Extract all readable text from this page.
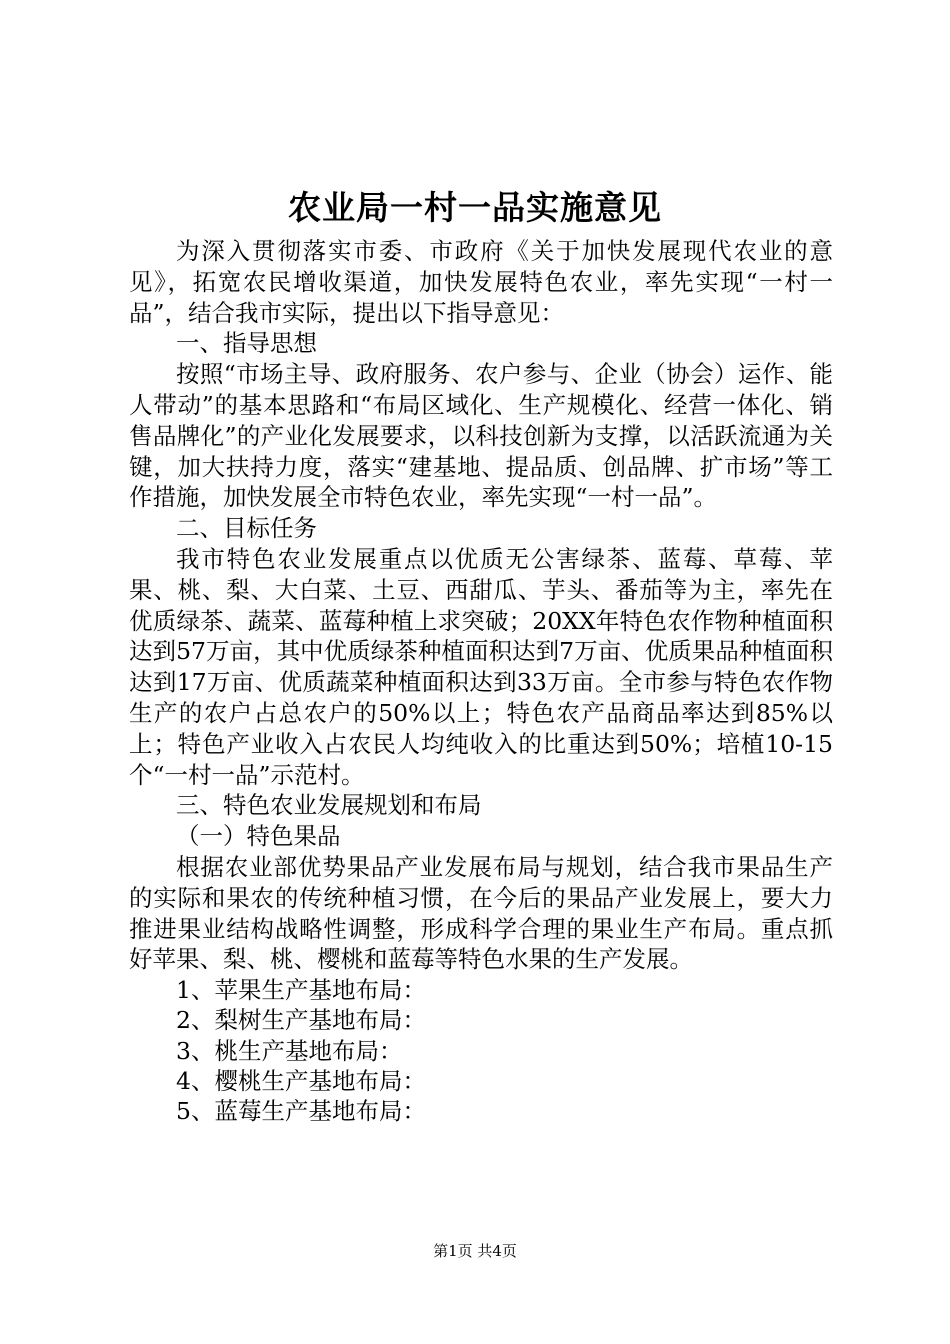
农业局一村一品实施意见

为深入贯彻落实市委、市政府《关于加快发展现代农业的意见》，拓宽农民增收渠道，加快发展特色农业，率先实现“一村一品”，结合我市实际，提出以下指导意见：

一、指导思想

按照“市场主导、政府服务、农户参与、企业（协会）运作、能人带动”的基本思路和“布局区域化、生产规模化、经营一体化、销售品牌化”的产业化发展要求，以科技创新为支撑，以活跃流通为关键，加大扶持力度，落实“建基地、提品质、创品牌、扩市场”等工作措施，加快发展全市特色农业，率先实现“一村一品”。

二、目标任务

我市特色农业发展重点以优质无公害绿茶、蓝莓、草莓、苹果、桃、梨、大白菜、土豆、西甜瓜、芋头、番茄等为主，率先在优质绿茶、蔬菜、蓝莓种植上求突破；20XX年特色农作物种植面积达到57万亩，其中优质绿茶种植面积达到7万亩、优质果品种植面积达到17万亩、优质蔬菜种植面积达到33万亩。全市参与特色农作物生产的农户占总农户的50%以上；特色农产品商品率达到85%以上；特色产业收入占农民人均纯收入的比重达到50%；培植10-15个“一村一品”示范村。

三、特色农业发展规划和布局

（一）特色果品

根据农业部优势果品产业发展布局与规划，结合我市果品生产的实际和果农的传统种植习惯，在今后的果品产业发展上，要大力推进果业结构战略性调整，形成科学合理的果业生产布局。重点抓好苹果、梨、桃、樱桃和蓝莓等特色水果的生产发展。

1、苹果生产基地布局：

2、梨树生产基地布局：

3、桃生产基地布局：

4、樱桃生产基地布局：

5、蓝莓生产基地布局：

第1页 共4页
